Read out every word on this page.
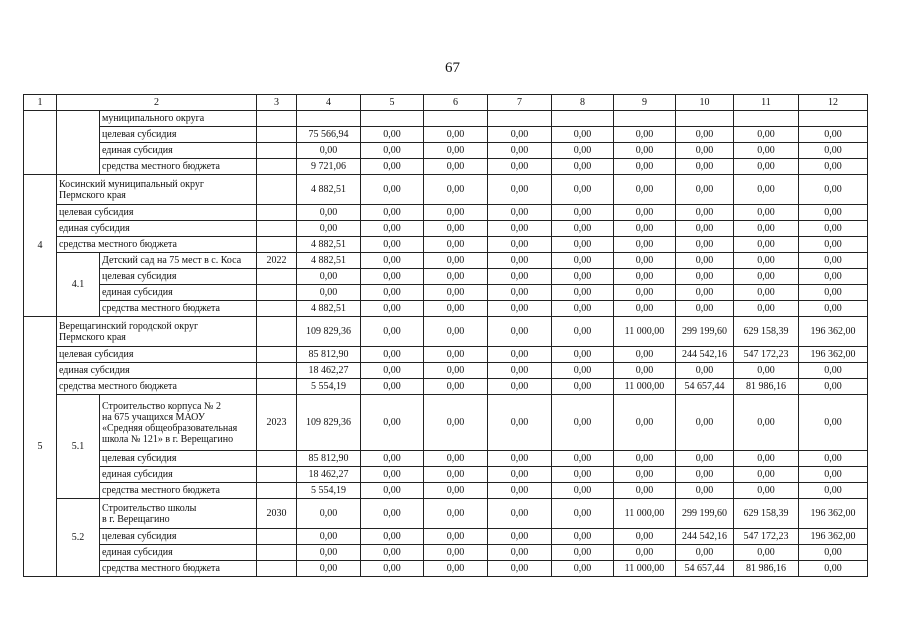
67
1	2		3	4	5	6	7	8	9	10	11	12
		муниципального округа										
		целевая субсидия		75 566,94	0,00	0,00	0,00	0,00	0,00	0,00	0,00	0,00
		единая субсидия		0,00	0,00	0,00	0,00	0,00	0,00	0,00	0,00	0,00
		средства местного бюджета		9 721,06	0,00	0,00	0,00	0,00	0,00	0,00	0,00	0,00
4	Косинский муниципальный округ
Пермского края			4 882,51	0,00	0,00	0,00	0,00	0,00	0,00	0,00	0,00
	целевая субсидия			0,00	0,00	0,00	0,00	0,00	0,00	0,00	0,00	0,00
	единая субсидия			0,00	0,00	0,00	0,00	0,00	0,00	0,00	0,00	0,00
	средства местного бюджета			4 882,51	0,00	0,00	0,00	0,00	0,00	0,00	0,00	0,00
	4.1	Детский сад на 75 мест в с. Коса	2022	4 882,51	0,00	0,00	0,00	0,00	0,00	0,00	0,00	0,00
		целевая субсидия		0,00	0,00	0,00	0,00	0,00	0,00	0,00	0,00	0,00
		единая субсидия		0,00	0,00	0,00	0,00	0,00	0,00	0,00	0,00	0,00
		средства местного бюджета		4 882,51	0,00	0,00	0,00	0,00	0,00	0,00	0,00	0,00
5	Верещагинский городской округ
Пермского края			109 829,36	0,00	0,00	0,00	0,00	11 000,00	299 199,60	629 158,39	196 362,00
	целевая субсидия			85 812,90	0,00	0,00	0,00	0,00	0,00	244 542,16	547 172,23	196 362,00
	единая субсидия			18 462,27	0,00	0,00	0,00	0,00	0,00	0,00	0,00	0,00
	средства местного бюджета			5 554,19	0,00	0,00	0,00	0,00	11 000,00	54 657,44	81 986,16	0,00
	5.1	Строительство корпуса № 2
на 675 учащихся МАОУ
«Средняя общеобразовательная
школа № 121» в г. Верещагино	2023	109 829,36	0,00	0,00	0,00	0,00	0,00	0,00	0,00	0,00
		целевая субсидия		85 812,90	0,00	0,00	0,00	0,00	0,00	0,00	0,00	0,00
		единая субсидия		18 462,27	0,00	0,00	0,00	0,00	0,00	0,00	0,00	0,00
		средства местного бюджета		5 554,19	0,00	0,00	0,00	0,00	0,00	0,00	0,00	0,00
	5.2	Строительство школы
в г. Верещагино	2030	0,00	0,00	0,00	0,00	0,00	11 000,00	299 199,60	629 158,39	196 362,00
		целевая субсидия		0,00	0,00	0,00	0,00	0,00	0,00	244 542,16	547 172,23	196 362,00
		единая субсидия		0,00	0,00	0,00	0,00	0,00	0,00	0,00	0,00	0,00
		средства местного бюджета		0,00	0,00	0,00	0,00	0,00	11 000,00	54 657,44	81 986,16	0,00
